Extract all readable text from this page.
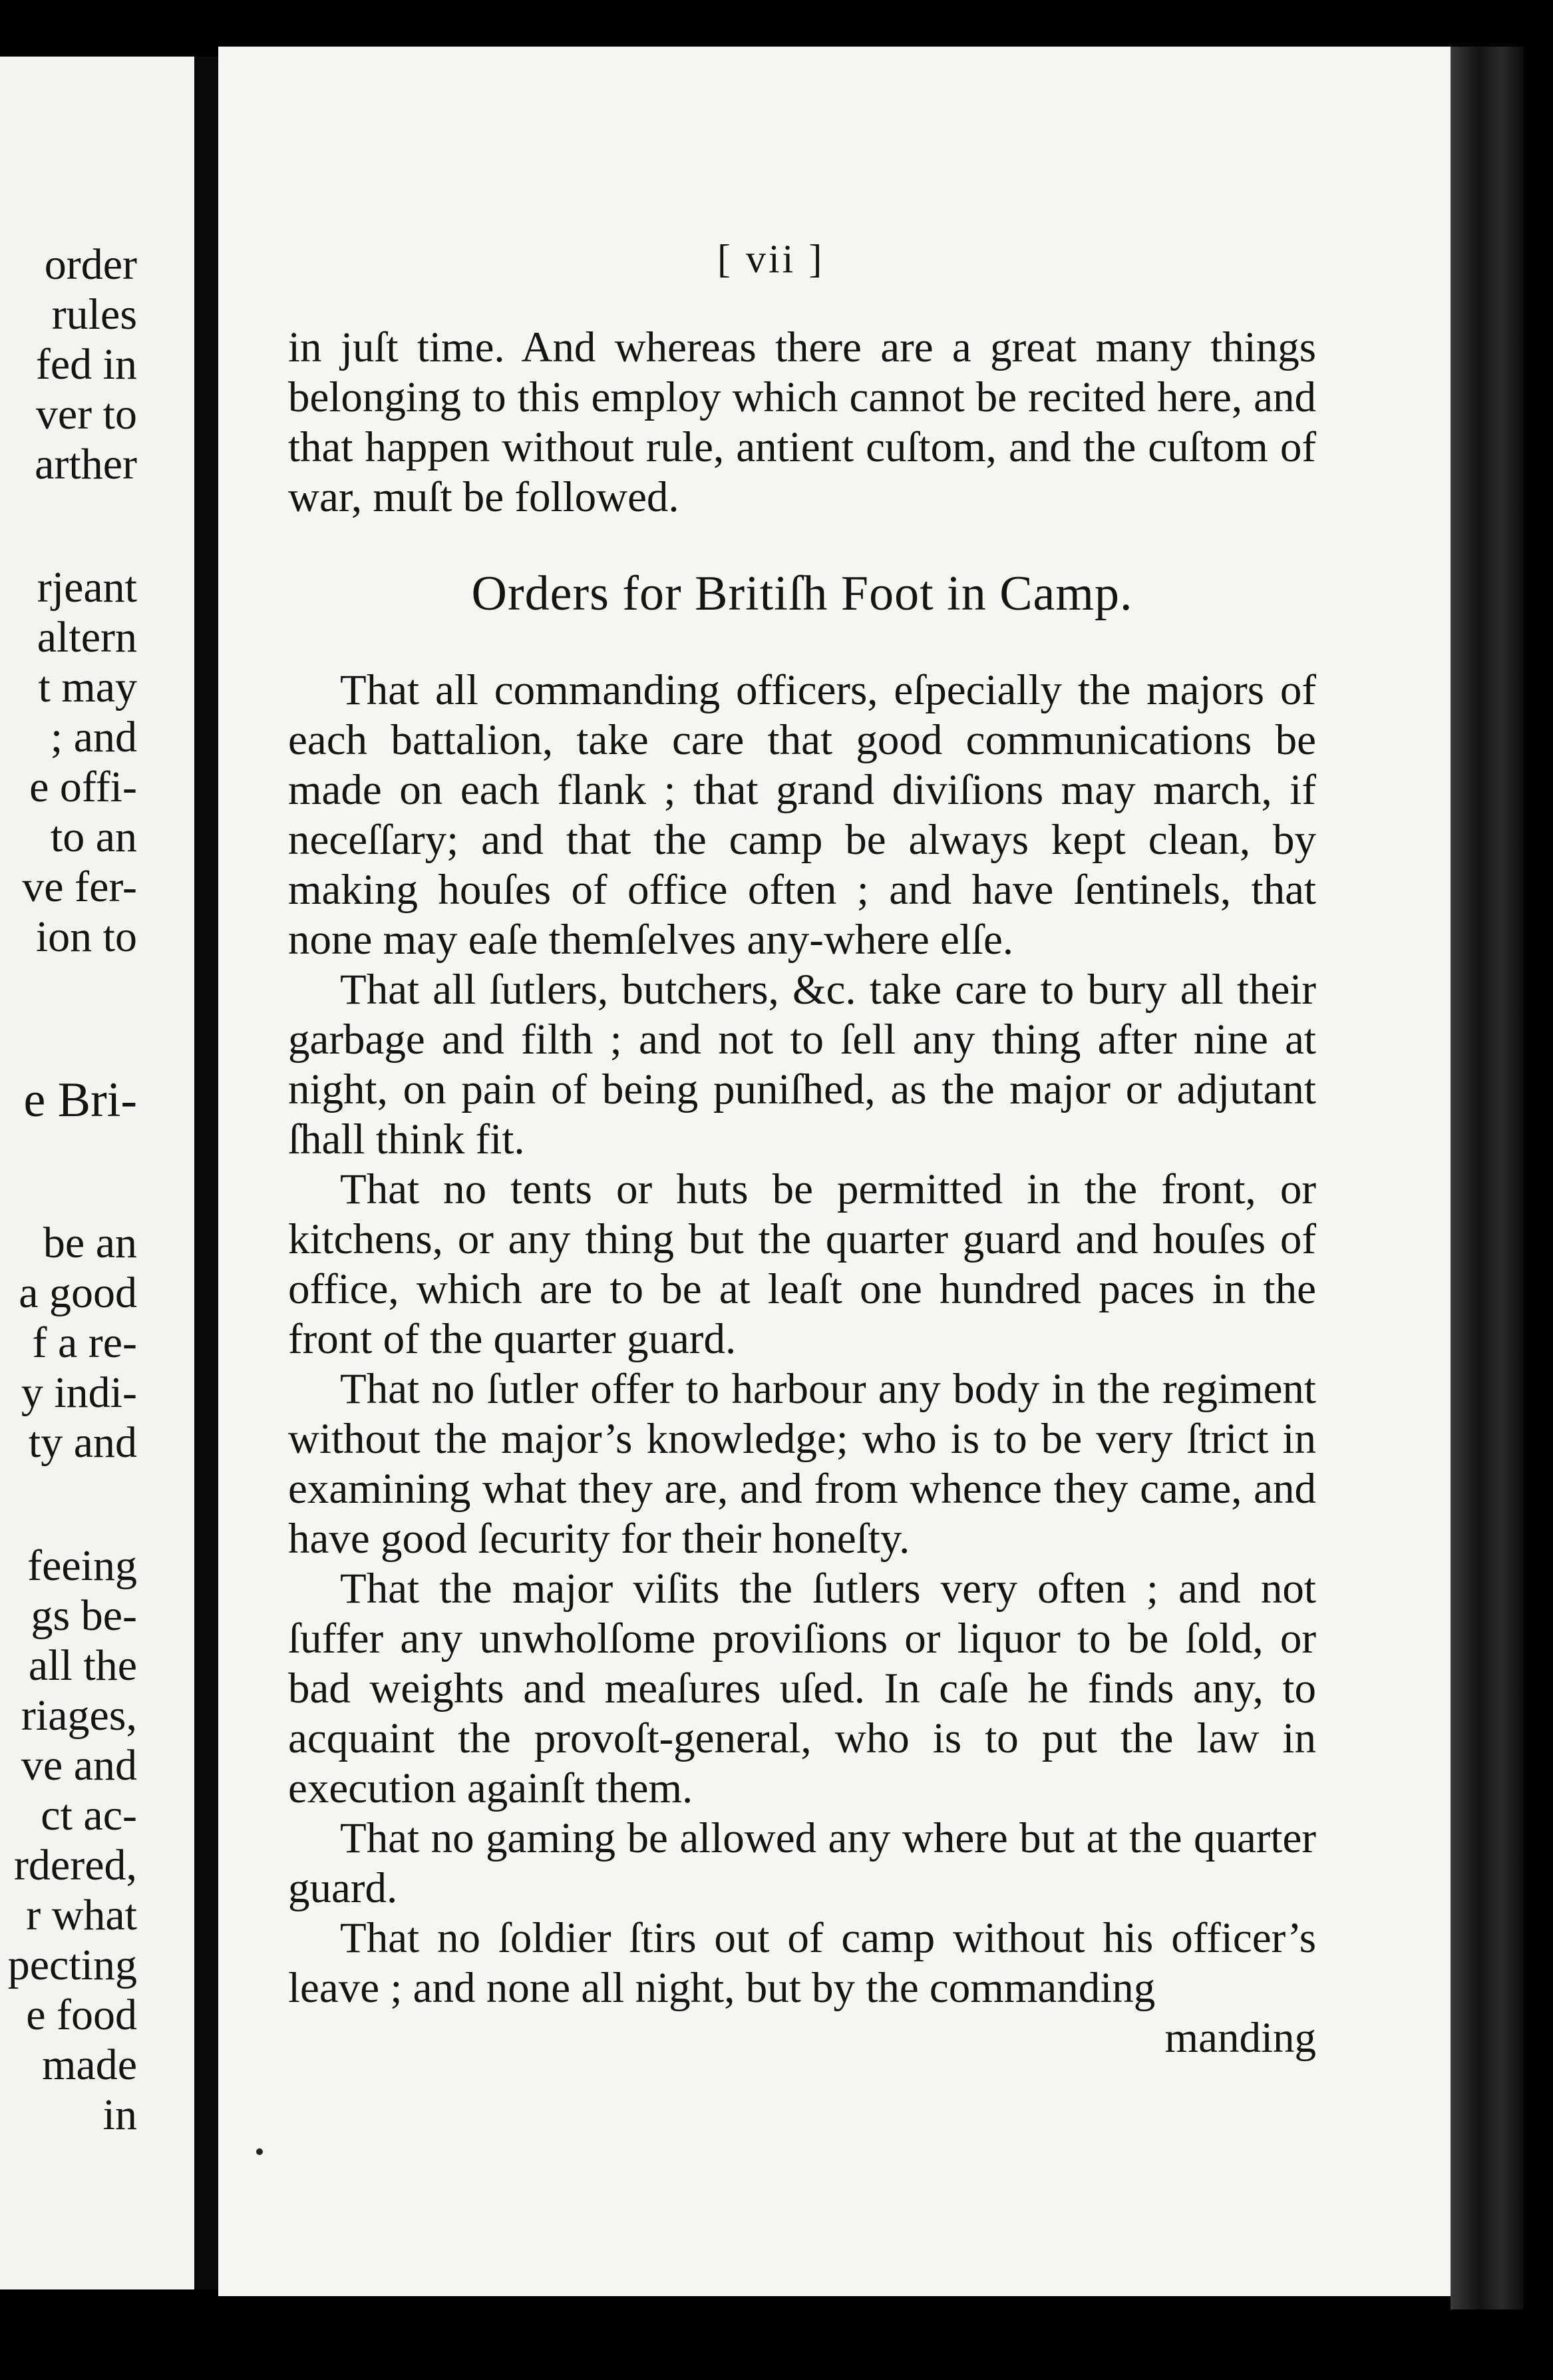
order
rules
fed in
ver to
arther
rjeant
altern
t may
; and
e offi-
to an
ve fer-
ion to
e Bri-
be an
a good
f a re-
y indi-
ty and
feeing
gs be-
all the
riages,
ve and
ct ac-
rdered,
r what
pecting
e food
made
in
[ vii ]

in juſt time. And whereas there are a great many things belonging to this employ which cannot be recited here, and that happen without rule, antient cuſtom, and the cuſtom of war, muſt be followed.

Orders for Britiſh Foot in Camp.

That all commanding officers, eſpecially the majors of each battalion, take care that good communications be made on each flank ; that grand diviſions may march, if neceſſary; and that the camp be always kept clean, by making houſes of office often ; and have ſentinels, that none may eaſe themſelves any-where elſe.

That all ſutlers, butchers, &c. take care to bury all their garbage and filth ; and not to ſell any thing after nine at night, on pain of being puniſhed, as the major or adjutant ſhall think fit.

That no tents or huts be permitted in the front, or kitchens, or any thing but the quarter guard and houſes of office, which are to be at leaſt one hundred paces in the front of the quarter guard.

That no ſutler offer to harbour any body in the regiment without the major’s knowledge; who is to be very ſtrict in examining what they are, and from whence they came, and have good ſecurity for their honeſty.

That the major viſits the ſutlers very often ; and not ſuffer any unwholſome proviſions or liquor to be ſold, or bad weights and meaſures uſed. In caſe he finds any, to acquaint the provoſt-general, who is to put the law in execution againſt them.

That no gaming be allowed any where but at the quarter guard.

That no ſoldier ſtirs out of camp without his officer’s leave ; and none all night, but by the commanding

manding
